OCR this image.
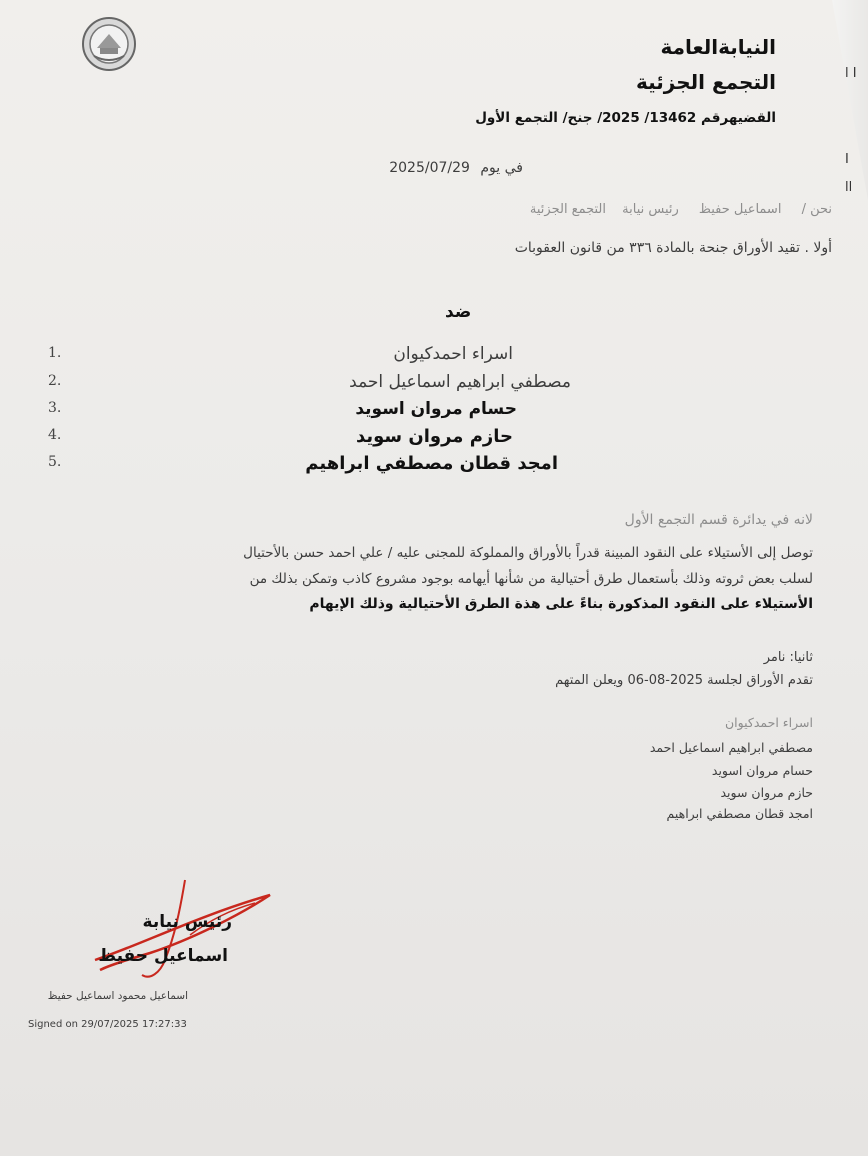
l I
I
ll
النيابةالعامة
التجمع الجزئية
القضيهرقم 13462/ 2025/ جنح/ التجمع الأول
في يوم 2025/07/29
نحن / اسماعيل حفيظ رئيس نيابة التجمع الجزئية
أولا . تقيد الأوراق جنحة بالمادة ٣٣٦ من قانون العقوبات
ضد
1.	اسراء احمدكيوان
2.	مصطفي ابراهيم اسماعيل احمد
3.	حسام مروان اسويد
4.	حازم مروان سويد
5.	امجد قطان مصطفي ابراهيم
لانه في يدائرة قسم التجمع الأول
توصل إلى الأستيلاء على النقود المبينة قدراً بالأوراق والمملوكة للمجنى عليه / علي احمد حسن بالأحتيال
لسلب بعض ثروته وذلك بأستعمال طرق أحتيالية من شأنها أيهامه بوجود مشروع كاذب وتمكن بذلك من
الأستيلاء على النقود المذكورة بناءً على هذة الطرق الأحتيالية وذلك الإيهام
ثانيا: نامر
تقدم الأوراق لجلسة 2025-08-06 ويعلن المتهم
اسراء احمدكيوان
مصطفي ابراهيم اسماعيل احمد
حسام مروان اسويد
حازم مروان سويد
امجد قطان مصطفي ابراهيم
رئيس نيابة
اسماعيل حفيظ
اسماعيل محمود اسماعيل حفيظ
Signed on 29/07/2025 17:27:33
